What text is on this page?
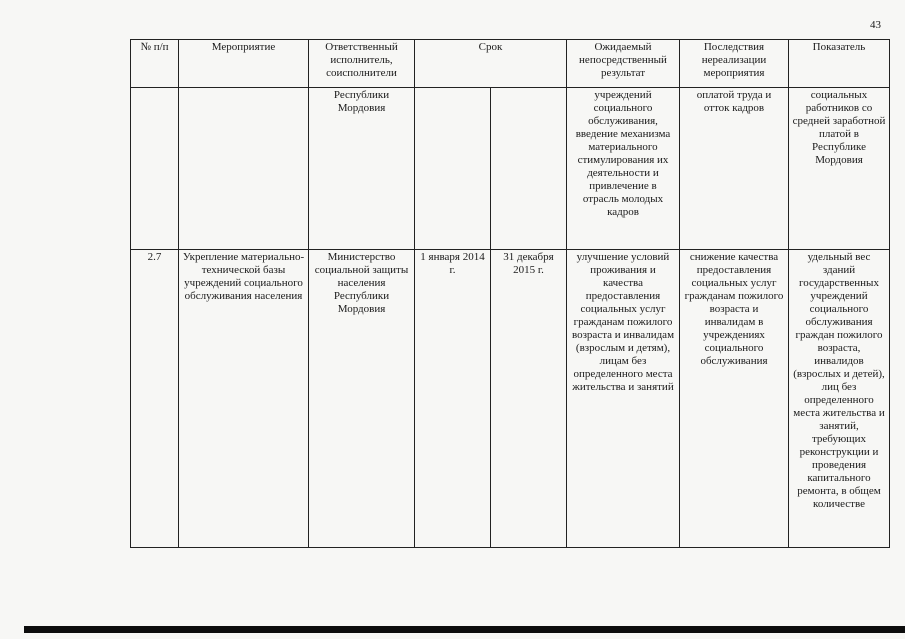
43
№ п/п	Мероприятие	Ответственный исполнитель, соисполнители	Срок		Ожидаемый непосредственный результат	Последствия нереализации мероприятия	Показатель
		Республики Мордовия			учреждений социального обслуживания, введение механизма материального стимулирования их деятельности и привлечение в отрасль молодых кадров	оплатой труда и отток кадров	социальных работников со средней заработной платой в Республике Мордовия
2.7	Укрепление материально-технической базы учреждений социального обслуживания населения	Министерство социальной защиты населения Республики Мордовия	1 января 2014 г.	31 декабря 2015 г.	улучшение условий проживания и качества предоставления социальных услуг гражданам пожилого возраста и инвалидам (взрослым и детям), лицам без определенного места жительства и занятий	снижение качества предоставления социальных услуг гражданам пожилого возраста и инвалидам в учреждениях социального обслуживания	удельный вес зданий государственных учреждений социального обслуживания граждан пожилого возраста, инвалидов (взрослых и детей), лиц без определенного места жительства и занятий, требующих реконструкции и проведения капитального ремонта, в общем количестве
